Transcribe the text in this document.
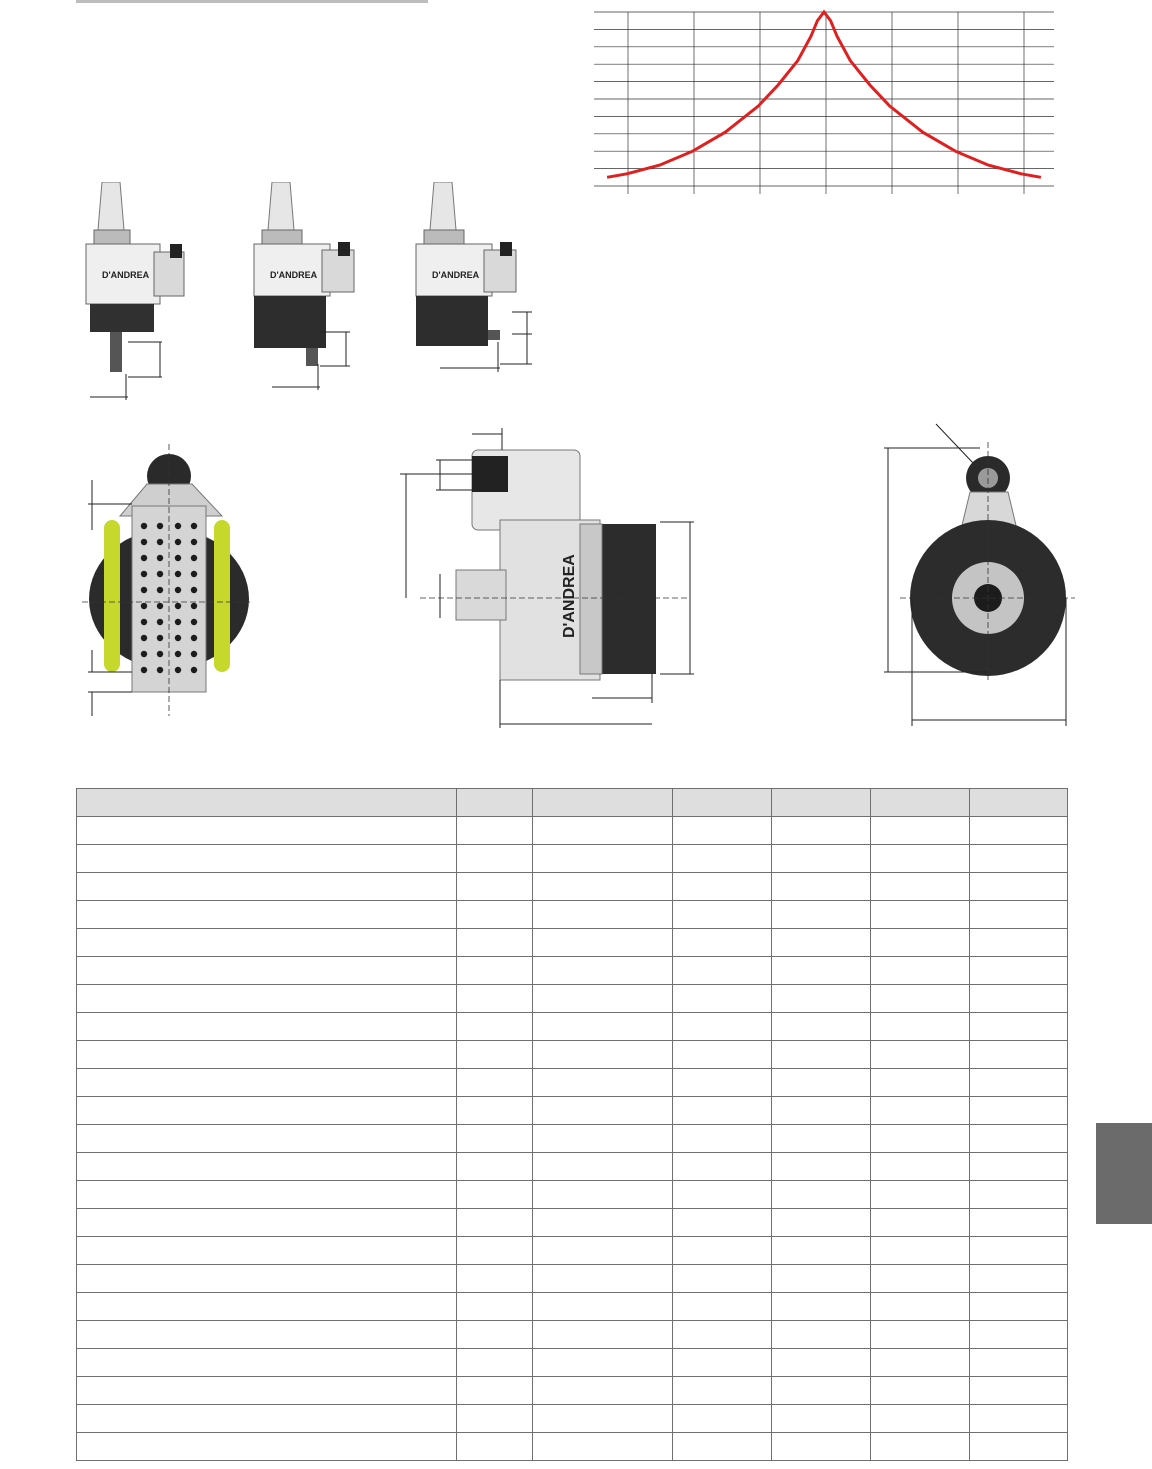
D'ANDREA	D'ANDREA	D'ANDREA
D'ANDREA
